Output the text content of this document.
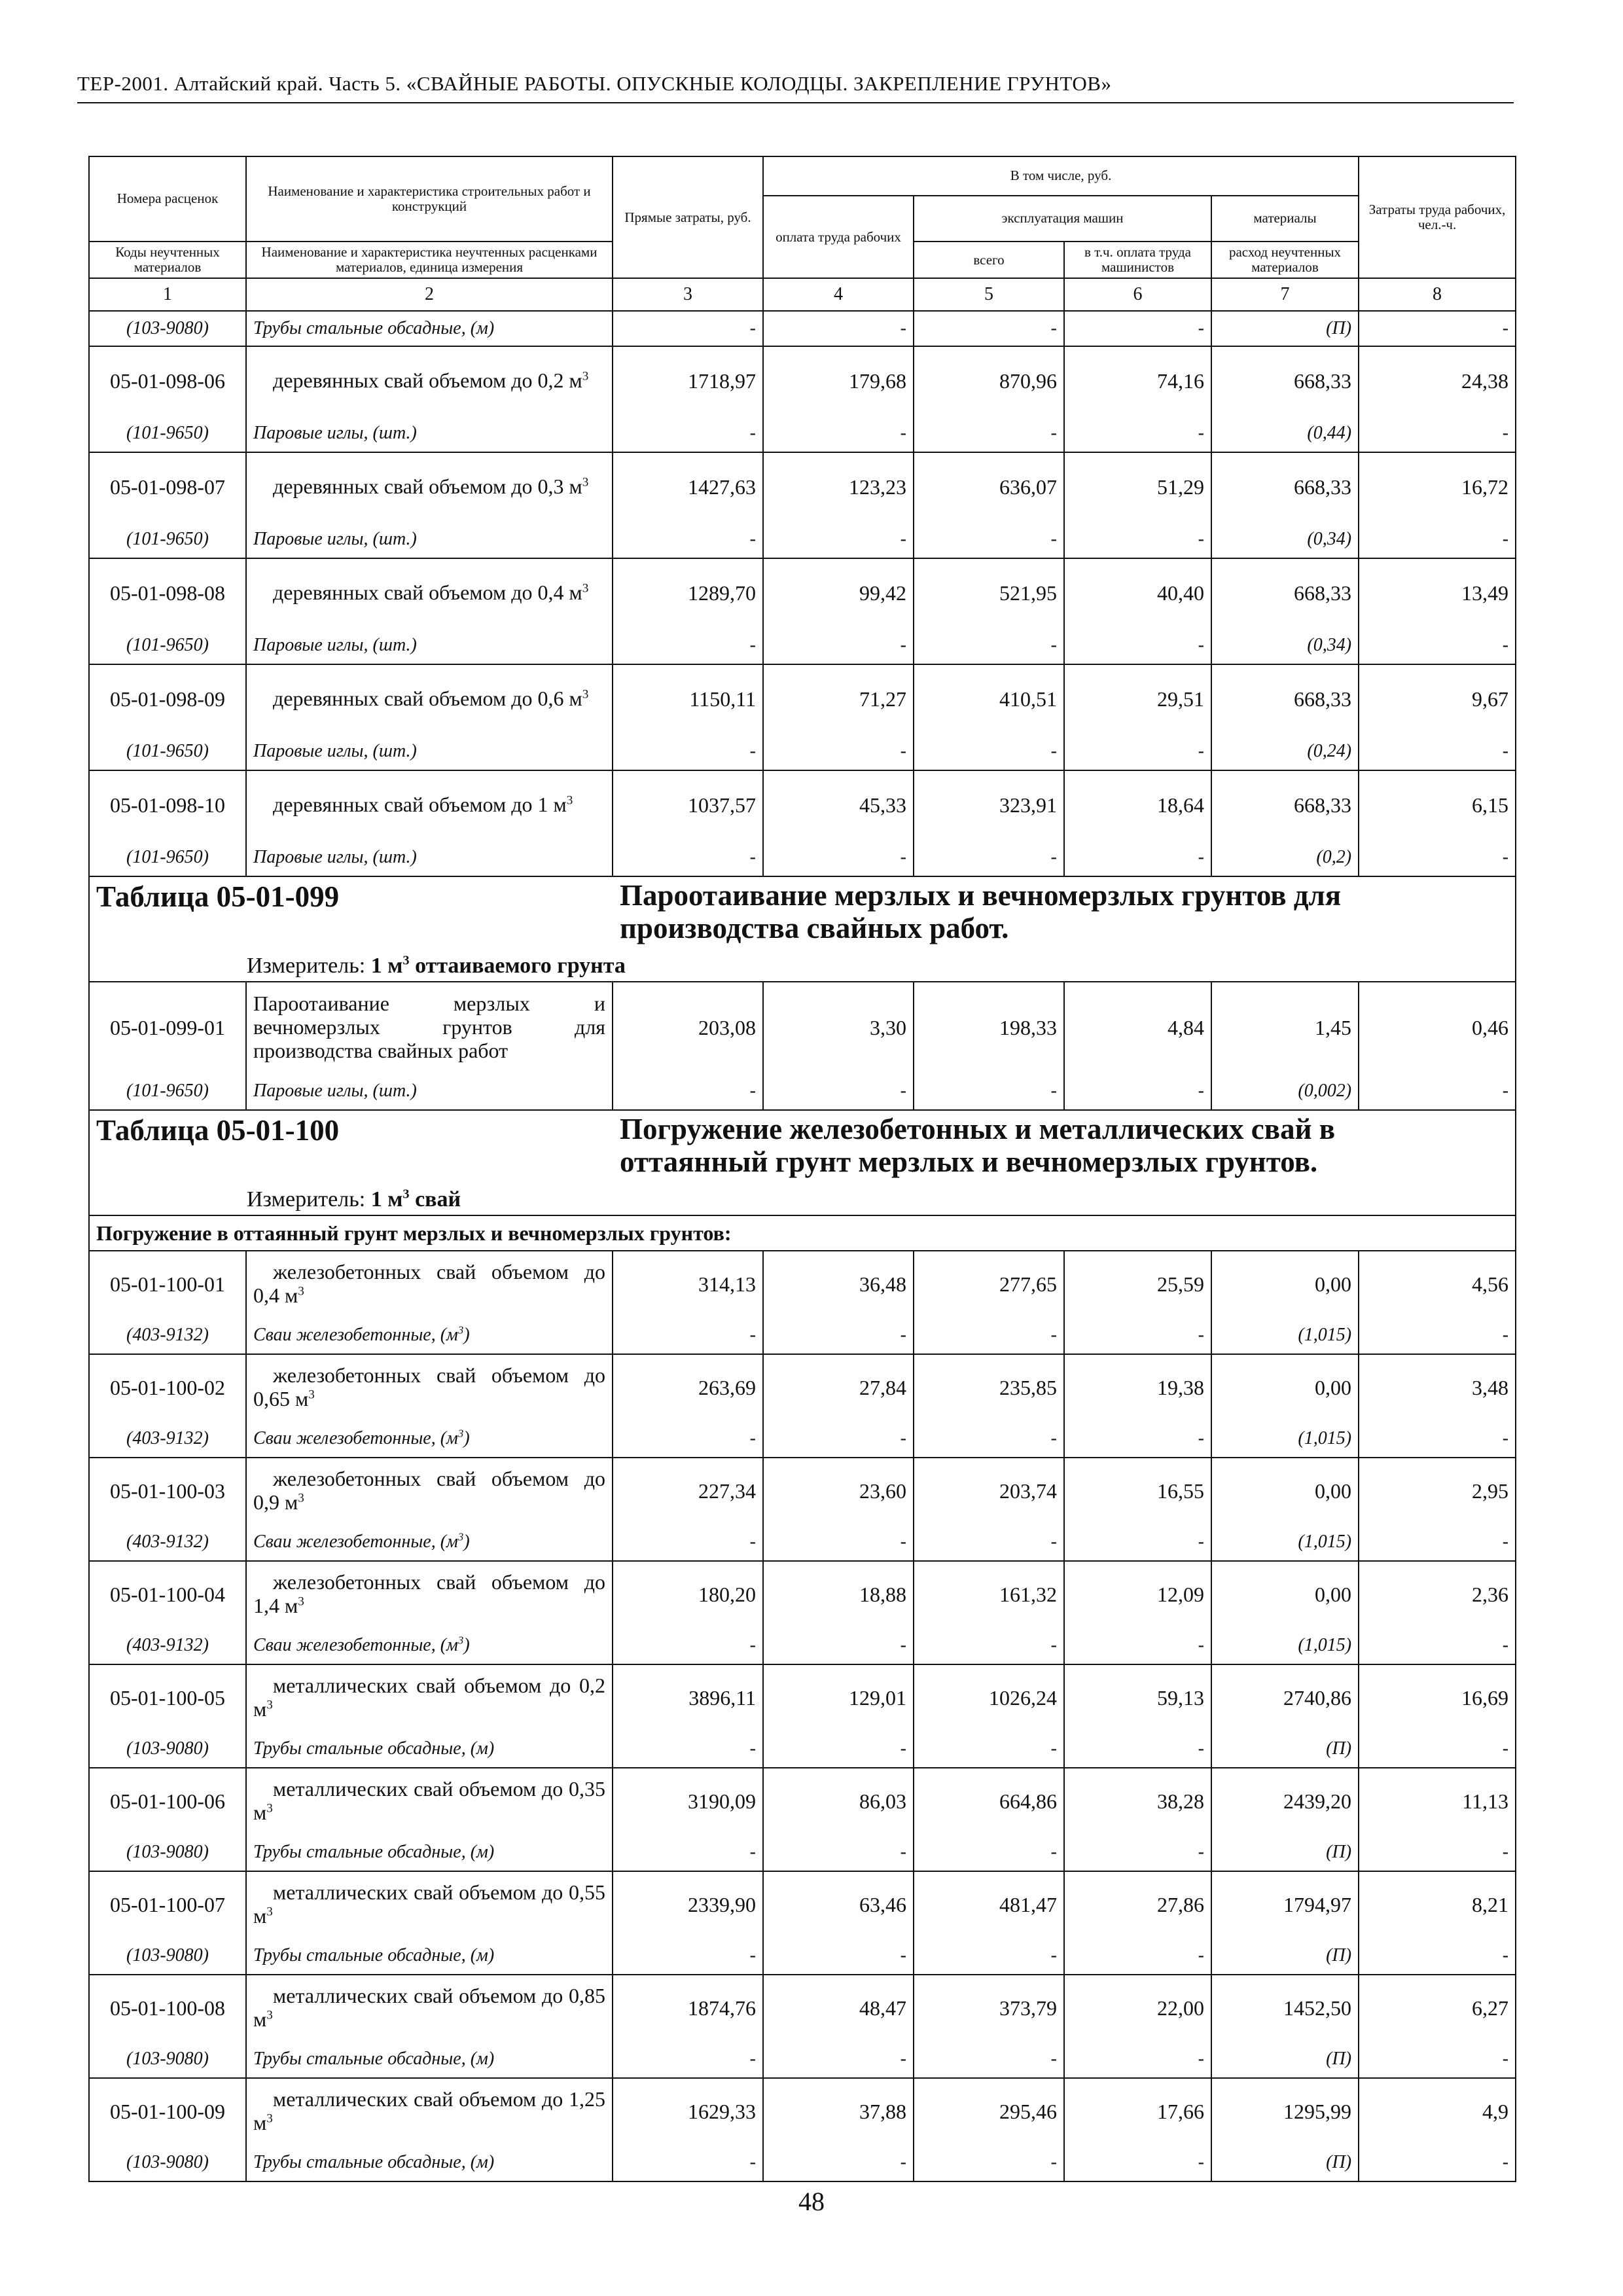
ТЕР-2001. Алтайский край. Часть 5. «СВАЙНЫЕ РАБОТЫ. ОПУСКНЫЕ КОЛОДЦЫ. ЗАКРЕПЛЕНИЕ ГРУНТОВ»
Номера расценок	Наименование и характеристика строительных работ и конструкций	Прямые затраты, руб.	В том числе, руб.				Затраты труда рабочих, чел.-ч.
			оплата труда рабочих	эксплуатация машин		материалы	
Коды неучтенных материалов	Наименование и характеристика неучтенных расценками материалов, единица измерения			всего	в т.ч. оплата труда машинистов	расход неучтенных материалов	

1	2	3	4	5	6	7	8
(103-9080)	Трубы стальные обсадные, (м)	-	-	-	-	(П)	-
05-01-098-06	деревянных свай объемом до 0,2 $м^3$	1718,97	179,68	870,96	74,16	668,33	24,38
(101-9650)	Паровые иглы, (шт.)	-	-	-	-	(0,44)	-
05-01-098-07	деревянных свай объемом до 0,3 $м^3$	1427,63	123,23	636,07	51,29	668,33	16,72
(101-9650)	Паровые иглы, (шт.)	-	-	-	-	(0,34)	-
05-01-098-08	деревянных свай объемом до 0,4 $м^3$	1289,70	99,42	521,95	40,40	668,33	13,49
(101-9650)	Паровые иглы, (шт.)	-	-	-	-	(0,34)	-
05-01-098-09	деревянных свай объемом до 0,6 $м^3$	1150,11	71,27	410,51	29,51	668,33	9,67
(101-9650)	Паровые иглы, (шт.)	-	-	-	-	(0,24)	-
05-01-098-10	деревянных свай объемом до 1 $м^3$	1037,57	45,33	323,91	18,64	668,33	6,15
(101-9650)	Паровые иглы, (шт.)	-	-	-	-	(0,2)	-
Таблица 05-01-099 Пароотаивание мерзлых и вечномерзлых грунтов для производства свайных работ.
Измеритель: 1 $м^3$ оттаиваемого грунта							

05-01-099-01	Пароотаивание мерзлых и вечномерзлых грунтов для производства свайных работ	203,08	3,30	198,33	4,84	1,45	0,46
(101-9650)	Паровые иглы, (шт.)	-	-	-	-	(0,002)	-
Таблица 05-01-100 Погружение железобетонных и металлических свай в оттаянный грунт мерзлых и вечномерзлых грунтов.
Измеритель: 1 $м^3$ свай							

Погружение в оттаянный грунт мерзлых и вечномерзлых грунтов:							
05-01-100-01	железобетонных свай объемом до 0,4 $м^3$	314,13	36,48	277,65	25,59	0,00	4,56
(403-9132)	Сваи железобетонные, $(м^3)$	-	-	-	-	(1,015)	-
05-01-100-02	железобетонных свай объемом до 0,65 $м^3$	263,69	27,84	235,85	19,38	0,00	3,48
(403-9132)	Сваи железобетонные, $(м^3)$	-	-	-	-	(1,015)	-
05-01-100-03	железобетонных свай объемом до 0,9 $м^3$	227,34	23,60	203,74	16,55	0,00	2,95
(403-9132)	Сваи железобетонные, $(м^3)$	-	-	-	-	(1,015)	-
05-01-100-04	железобетонных свай объемом до 1,4 $м^3$	180,20	18,88	161,32	12,09	0,00	2,36
(403-9132)	Сваи железобетонные, $(м^3)$	-	-	-	-	(1,015)	-
05-01-100-05	металлических свай объемом до 0,2 $м^3$	3896,11	129,01	1026,24	59,13	2740,86	16,69
(103-9080)	Трубы стальные обсадные, (м)	-	-	-	-	(П)	-
05-01-100-06	металлических свай объемом до 0,35 $м^3$	3190,09	86,03	664,86	38,28	2439,20	11,13
(103-9080)	Трубы стальные обсадные, (м)	-	-	-	-	(П)	-
05-01-100-07	металлических свай объемом до 0,55 $м^3$	2339,90	63,46	481,47	27,86	1794,97	8,21
(103-9080)	Трубы стальные обсадные, (м)	-	-	-	-	(П)	-
05-01-100-08	металлических свай объемом до 0,85 $м^3$	1874,76	48,47	373,79	22,00	1452,50	6,27
(103-9080)	Трубы стальные обсадные, (м)	-	-	-	-	(П)	-
05-01-100-09	металлических свай объемом до 1,25 $м^3$	1629,33	37,88	295,46	17,66	1295,99	4,9
(103-9080)	Трубы стальные обсадные, (м)	-	-	-	-	(П)	-
48
